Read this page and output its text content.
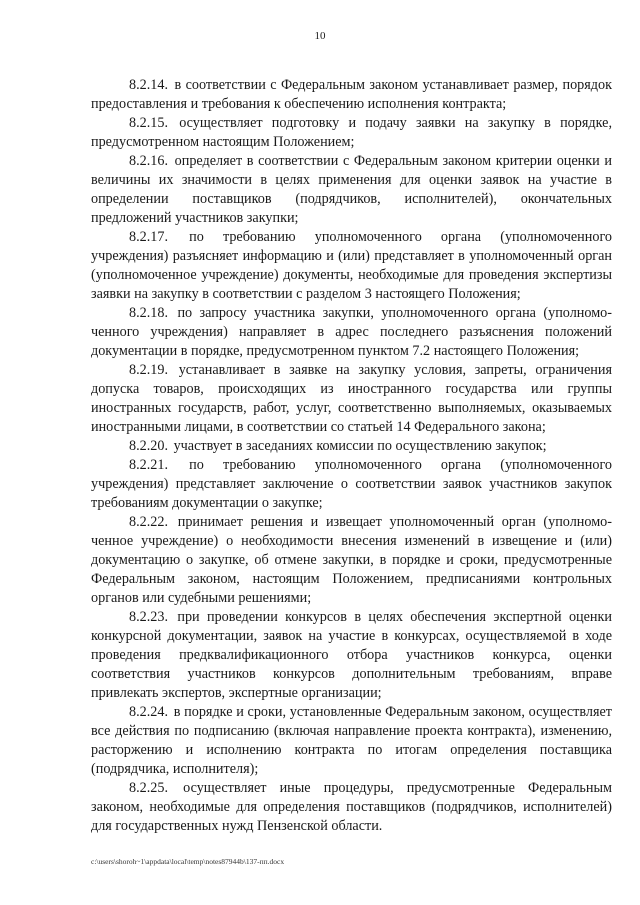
10

8.2.14. в соответствии с Федеральным законом устанавливает размер, порядок предоставления и требования к обеспечению исполнения контракта;

8.2.15. осуществляет подготовку и подачу заявки на закупку в порядке, предусмотренном настоящим Положением;

8.2.16. определяет в соответствии с Федеральным законом критерии оценки и величины их значимости в целях применения для оценки заявок на участие в определении поставщиков (подрядчиков, исполнителей), окончательных предложений участников закупки;

8.2.17. по требованию уполномоченного органа (уполномоченного учреждения) разъясняет информацию и (или) представляет в уполномоченный орган (уполномоченное учреждение) документы, необходимые для проведения экспертизы заявки на закупку в соответствии с разделом 3 настоящего Положения;

8.2.18. по запросу участника закупки, уполномоченного органа (уполномоченного учреждения) направляет в адрес последнего разъяснения положений документации в порядке, предусмотренном пунктом 7.2 настоящего Положения;

8.2.19. устанавливает в заявке на закупку условия, запреты, ограничения допуска товаров, происходящих из иностранного государства или группы иностранных государств, работ, услуг, соответственно выполняемых, оказываемых иностранными лицами, в соответствии со статьей 14 Федерального закона;

8.2.20. участвует в заседаниях комиссии по осуществлению закупок;

8.2.21. по требованию уполномоченного органа (уполномоченного учреждения) представляет заключение о соответствии заявок участников закупок требованиям документации о закупке;

8.2.22. принимает решения и извещает уполномоченный орган (уполномоченное учреждение) о необходимости внесения изменений в извещение и (или) документацию о закупке, об отмене закупки, в порядке и сроки, предусмотренные Федеральным законом, настоящим Положением, предписаниями контрольных органов или судебными решениями;

8.2.23. при проведении конкурсов в целях обеспечения экспертной оценки конкурсной документации, заявок на участие в конкурсах, осуществляемой в ходе проведения предквалификационного отбора участников конкурса, оценки соответствия участников конкурсов дополнительным требованиям, вправе привлекать экспертов, экспертные организации;

8.2.24. в порядке и сроки, установленные Федеральным законом, осуществляет все действия по подписанию (включая направление проекта контракта), изменению, расторжению и исполнению контракта по итогам определения поставщика (подрядчика, исполнителя);

8.2.25. осуществляет иные процедуры, предусмотренные Федеральным законом, необходимые для определения поставщиков (подрядчиков, исполнителей) для государственных нужд Пензенской области.

c:\users\shoroh~1\appdata\local\temp\notes87944b\137-пп.docx
